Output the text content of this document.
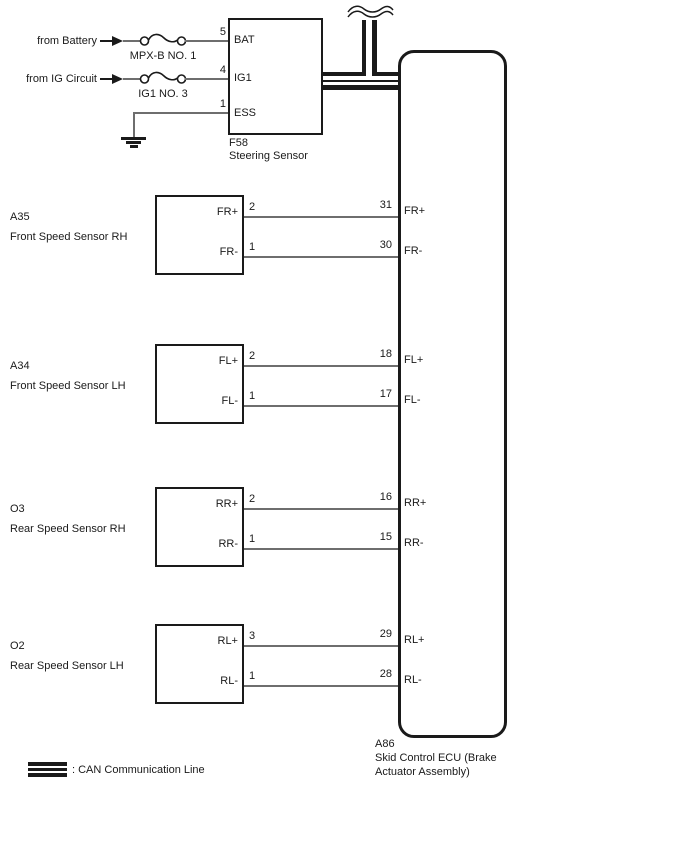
from Battery
MPX-B NO. 1
5
from IG Circuit
IG1 NO. 3
4
1
BAT
IG1
ESS
F58
Steering Sensor
A86
Skid Control ECU (Brake
Actuator Assembly)
A35
Front Speed Sensor RH
FR+
FR-
2
1
31
30
FR+
FR-
A34
Front Speed Sensor LH
FL+
FL-
2
1
18
17
FL+
FL-
O3
Rear Speed Sensor RH
RR+
RR-
2
1
16
15
RR+
RR-
O2
Rear Speed Sensor LH
RL+
RL-
3
1
29
28
RL+
RL-
: CAN Communication Line
